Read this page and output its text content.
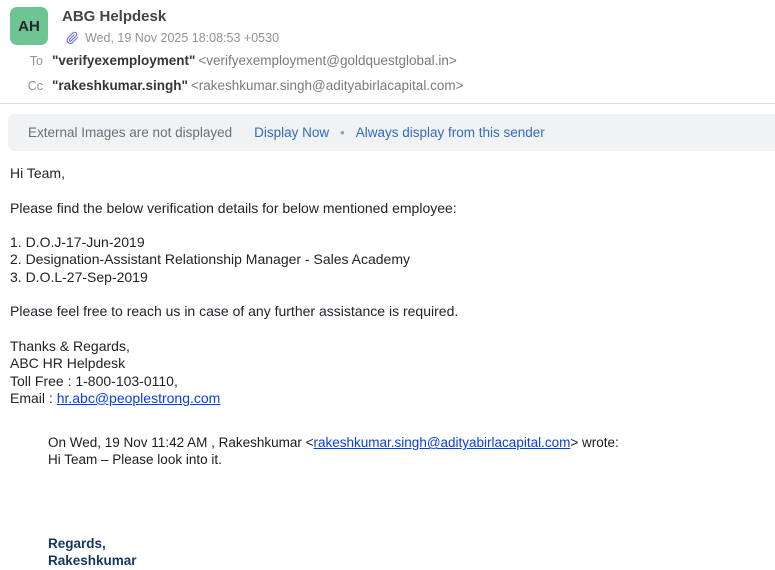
AH
ABG Helpdesk
Wed, 19 Nov 2025 18:08:53 +0530
To "verifyexemployment" <verifyexemployment@goldquestglobal.in>
Cc "rakeshkumar.singh" <rakeshkumar.singh@adityabirlacapital.com>
External Images are not displayed Display Now • Always display from this sender
Hi Team,
Please find the below verification details for below mentioned employee:
1. D.O.J-17-Jun-2019
2. Designation-Assistant Relationship Manager - Sales Academy
3. D.O.L-27-Sep-2019
Please feel free to reach us in case of any further assistance is required.
Thanks & Regards,
ABC HR Helpdesk
Toll Free : 1-800-103-0110,
Email : hr.abc@peoplestrong.com
On Wed, 19 Nov 11:42 AM , Rakeshkumar <rakeshkumar.singh@adityabirlacapital.com> wrote:
Hi Team – Please look into it.
Regards,
Rakeshkumar
